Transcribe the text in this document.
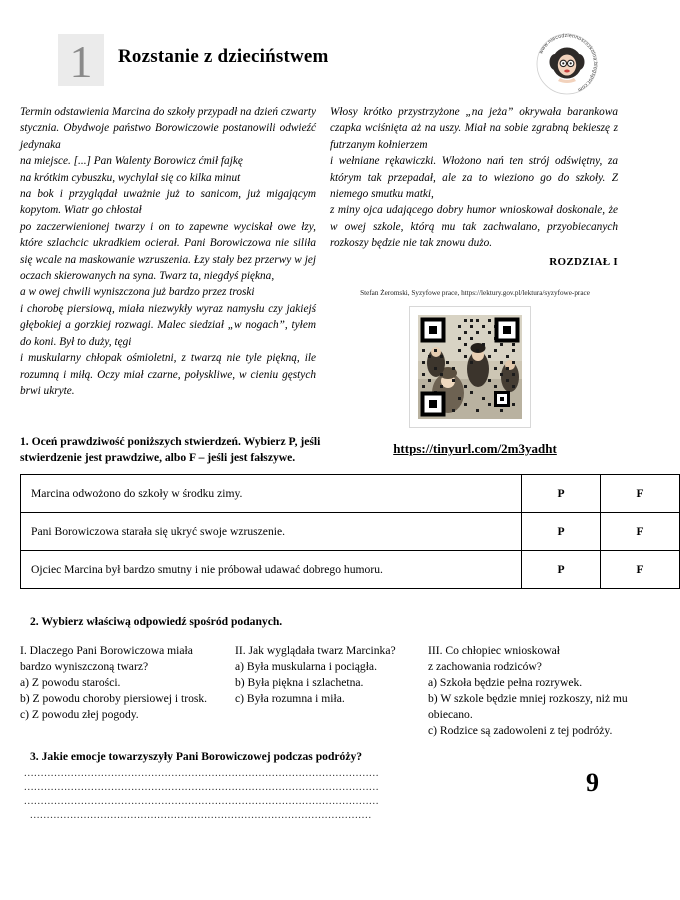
1 Rozstanie z dzieciństwem	www.niecodziennoscszkolna.blogspot.com

Termin odstawienia Marcina do szkoły przypadł na dzień czwarty stycznia. Obydwoje państwo Borowiczowie postanowili odwieźć jedynaka

na miejsce. [...] Pan Walenty Borowicz ćmił fajkę

na krótkim cybuszku, wychylał się co kilka minut

na bok i przyglądał uważnie już to sanicom, już migającym kopytom. Wiatr go chłostał

po zaczerwienionej twarzy i on to zapewne wyciskał owe łzy, które szlachcic ukradkiem ocierał. Pani Borowiczowa nie siliła się wcale na maskowanie wzruszenia. Łzy stały bez przerwy w jej oczach skierowanych na syna. Twarz ta, niegdyś piękna,

a w owej chwili wyniszczona już bardzo przez troski

i chorobę piersiową, miała niezwykły wyraz namysłu czy jakiejś głębokiej a gorzkiej rozwagi. Malec siedział „w nogach”, tyłem do koni. Był to duży, tęgi

i muskularny chłopak ośmioletni, z twarzą nie tyle piękną, ile rozumną i miłą. Oczy miał czarne, połyskliwe, w cieniu gęstych brwi ukryte.

Włosy krótko przystrzyżone „na jeża” okrywała barankowa czapka wciśnięta aż na uszy. Miał na sobie zgrabną bekieszę z futrzanym kołnierzem

i wełniane rękawiczki. Włożono nań ten strój odświętny, za którym tak przepadał, ale za to wieziono go do szkoły. Z niemego smutku matki,

z miny ojca udającego dobry humor wnioskował doskonale, że w owej szkole, którą mu tak zachwalano, przyobiecanych rozkoszy będzie nie tak znowu dużo.

ROZDZIAŁ I
Stefan Żeromski, Syzyfowe prace, https://lektury.gov.pl/lektura/syzyfowe-prace
https://tinyurl.com/2m3yadht
1. Oceń prawdziwość poniższych stwierdzeń. Wybierz P, jeśli stwierdzenie jest prawdziwe, albo F – jeśli jest fałszywe.
Marcina odwożono do szkoły w środku zimy.	P	F
Pani Borowiczowa starała się ukryć swoje wzruszenie.	P	F
Ojciec Marcina był bardzo smutny i nie próbował udawać dobrego humoru.	P	F
2. Wybierz właściwą odpowiedź spośród podanych.
I. Dlaczego Pani Borowiczowa miała
bardzo wyniszczoną twarz?
a) Z powodu starości.
b) Z powodu choroby piersiowej i trosk.
c) Z powodu złej pogody.
II. Jak wyglądała twarz Marcinka?
a) Była muskularna i pociągła.
b) Była piękna i szlachetna.
c) Była rozumna i miła.
III. Co chłopiec wnioskował
z zachowania rodziców?
a) Szkoła będzie pełna rozrywek.
b) W szkole będzie mniej rozkoszy, niż mu obiecano.
c) Rodzice są zadowoleni z tej podróży.
3. Jakie emocje towarzyszyły Pani Borowiczowej podczas podróży?
..........................................................................................................
..........................................................................................................
..........................................................................................................
......................................................................................................
9
